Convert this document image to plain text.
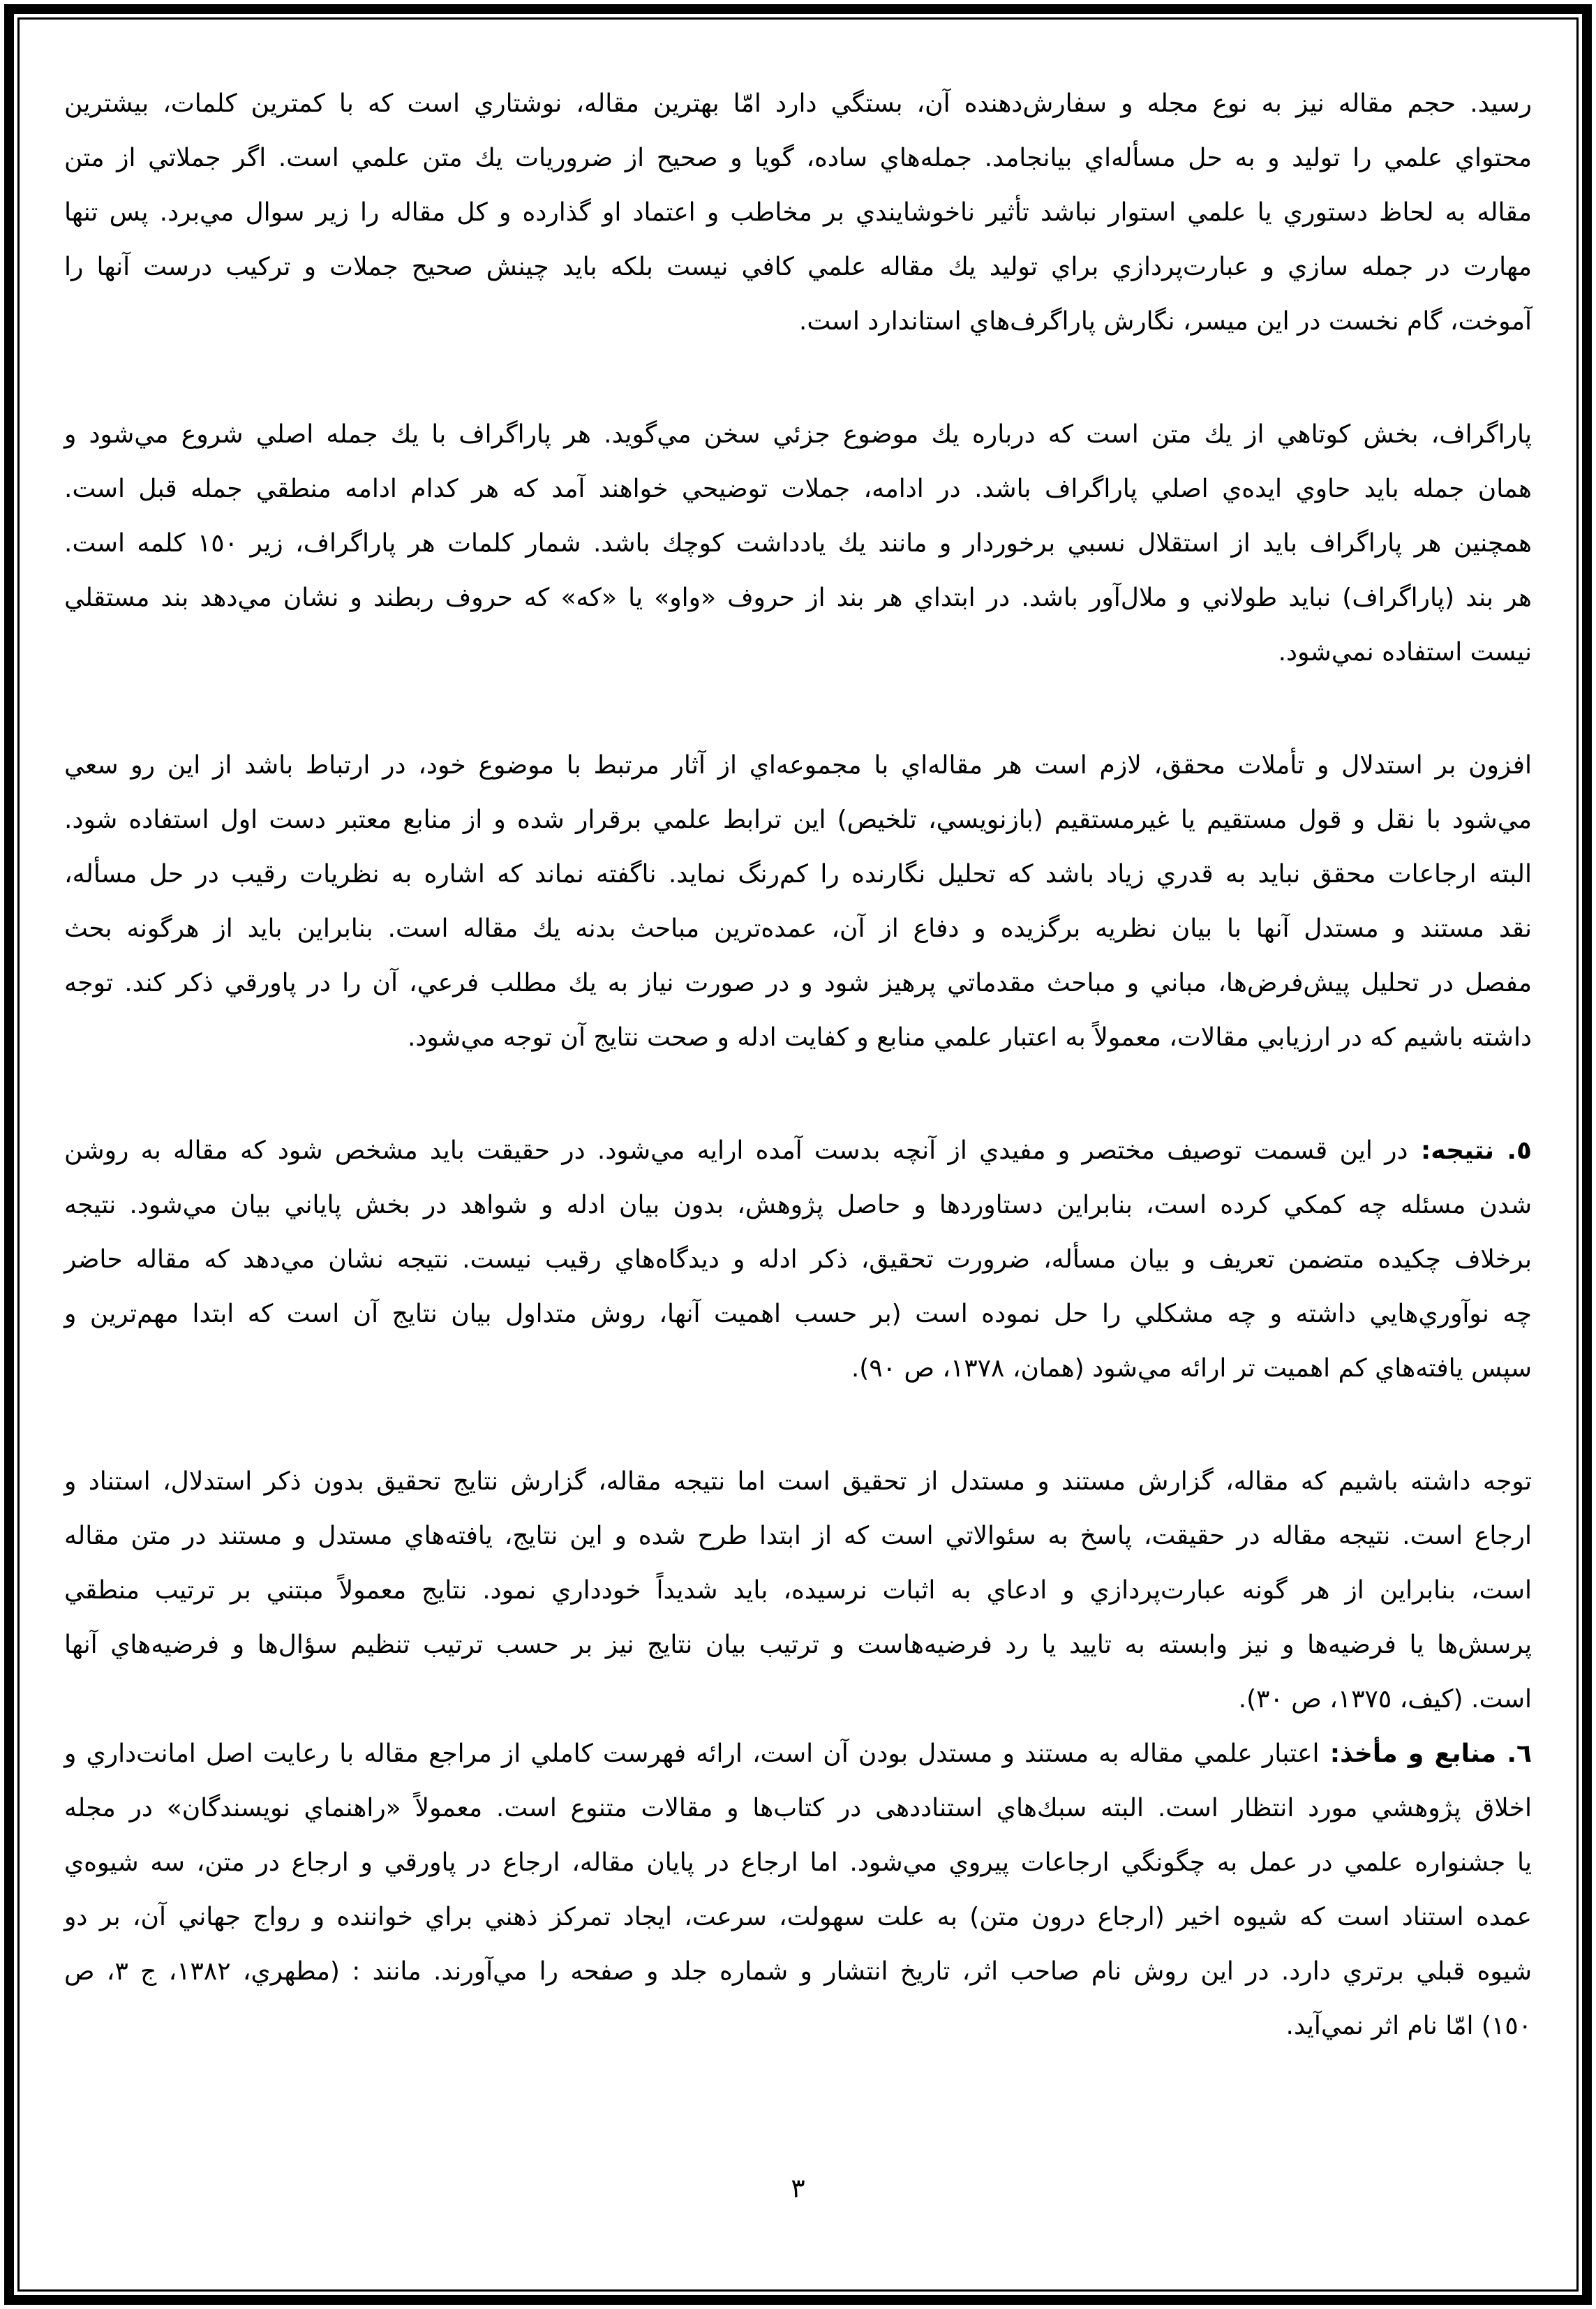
رسید. حجم مقاله نیز به نوع مجله و سفارش‌دهنده آن، بستگي دارد امّا بهترین مقاله، نوشتاري است که با کمترین کلمات، بیشترین
محتواي علمي را تولید و به حل مسأله‌اي بیانجامد. جمله‌هاي ساده، گویا و صحیح از ضروریات یك متن علمي است. اگر جملاتي از متن
مقاله به لحاظ دستوري یا علمي استوار نباشد تأثیر ناخوشایندي بر مخاطب و اعتماد او گذارده و کل مقاله را زیر سوال مي‌برد. پس تنها
مهارت در جمله سازي و عبارت‌پردازي براي تولید یك مقاله علمي کافي نیست بلکه باید چینش صحیح جملات و ترکیب درست آنها را
آموخت، گام نخست در این میسر، نگارش پاراگرف‌هاي استاندارد است.
پاراگراف، بخش کوتاهي از یك متن است که درباره یك موضوع جزئي سخن مي‌گوید. هر پاراگراف با یك جمله اصلي شروع مي‌شود و
همان جمله باید حاوي ایده‌ي اصلي پاراگراف باشد. در ادامه، جملات توضیحي خواهند آمد که هر کدام ادامه منطقي جمله قبل است.
همچنین هر پاراگراف باید از استقلال نسبي برخوردار و مانند یك یادداشت کوچك باشد. شمار کلمات هر پاراگراف، زیر ١٥٠ کلمه است.
هر بند (پاراگراف) نباید طولاني و ملال‌آور باشد. در ابتداي هر بند از حروف «واو» یا «که» که حروف ربطند و نشان مي‌دهد بند مستقلي
نیست استفاده نمي‌شود.
افزون بر استدلال و تأملات محقق، لازم است هر مقاله‌اي با مجموعه‌اي از آثار مرتبط با موضوع خود، در ارتباط باشد از این رو سعي
مي‌شود با نقل و قول مستقیم یا غیرمستقیم (بازنویسي، تلخیص) این ترابط علمي برقرار شده و از منابع معتبر دست اول استفاده شود.
البته ارجاعات محقق نباید به قدري زیاد باشد که تحلیل نگارنده را کم‌رنگ نماید. ناگفته نماند که اشاره به نظریات رقیب در حل مسأله،
نقد مستند و مستدل آنها با بیان نظریه برگزیده و دفاع از آن، عمده‌ترین مباحث بدنه یك مقاله است. بنابراین باید از هرگونه بحث
مفصل در تحلیل پیش‌فرض‌ها، مباني و مباحث مقدماتي پرهیز شود و در صورت نیاز به یك مطلب فرعي، آن را در پاورقي ذکر کند. توجه
داشته باشیم که در ارزیابي مقالات، معمولاً به اعتبار علمي منابع و کفایت ادله و صحت نتایج آن توجه مي‌شود.
٥. نتیجه: در این قسمت توصیف مختصر و مفیدي از آنچه بدست آمده ارایه مي‌شود. در حقیقت باید مشخص شود که مقاله به روشن
شدن مسئله چه کمکي کرده است، بنابراین دستاوردها و حاصل پژوهش، بدون بیان ادله و شواهد در بخش پایاني بیان مي‌شود. نتیجه
برخلاف چکیده متضمن تعریف و بیان مسأله، ضرورت تحقیق، ذکر ادله و دیدگاه‌هاي رقیب نیست. نتیجه نشان مي‌دهد که مقاله حاضر
چه نوآوري‌هایي داشته و چه مشکلي را حل نموده است (بر حسب اهمیت آنها، روش متداول بیان نتایج آن است که ابتدا مهم‌ترین و
سپس یافته‌هاي کم اهمیت تر ارائه مي‌شود (همان، ١٣٧٨، ص ٩٠).
توجه داشته باشیم که مقاله، گزارش مستند و مستدل از تحقیق است اما نتیجه مقاله، گزارش نتایج تحقیق بدون ذکر استدلال، استناد و
ارجاع است. نتیجه مقاله در حقیقت، پاسخ به سئوالاتي است که از ابتدا طرح شده و این نتایج، یافته‌هاي مستدل و مستند در متن مقاله
است، بنابراین از هر گونه عبارت‌پردازي و ادعاي به اثبات نرسیده، باید شدیداً خودداري نمود. نتایج معمولاً مبتني بر ترتیب منطقي
پرسش‌ها یا فرضیه‌ها و نیز وابسته به تایید یا رد فرضیه‌هاست و ترتیب بیان نتایج نیز بر حسب ترتیب تنظیم سؤال‌ها و فرضیه‌هاي آنها
است. (کیف، ١٣٧٥، ص ٣٠).
٦. منابع و مأخذ: اعتبار علمي مقاله به مستند و مستدل بودن آن است، ارائه فهرست کاملي از مراجع مقاله با رعایت اصل امانت‌داري و
اخلاق پژوهشي مورد انتظار است. البته سبك‌هاي استناددهی در کتاب‌ها و مقالات متنوع است. معمولاً «راهنماي نویسندگان» در مجله
یا جشنواره علمي در عمل به چگونگي ارجاعات پیروي مي‌شود. اما ارجاع در پایان مقاله، ارجاع در پاورقي و ارجاع در متن، سه شیوه‌ي
عمده استناد است که شیوه اخیر (ارجاع درون متن) به علت سهولت، سرعت، ایجاد تمرکز ذهني براي خواننده و رواج جهاني آن، بر دو
شیوه قبلي برتري دارد. در این روش نام صاحب اثر، تاریخ انتشار و شماره جلد و صفحه را مي‌آورند. مانند : (مطهري، ١٣٨٢، ج ٣، ص
١٥٠) امّا نام اثر نمي‌آید.
٣
